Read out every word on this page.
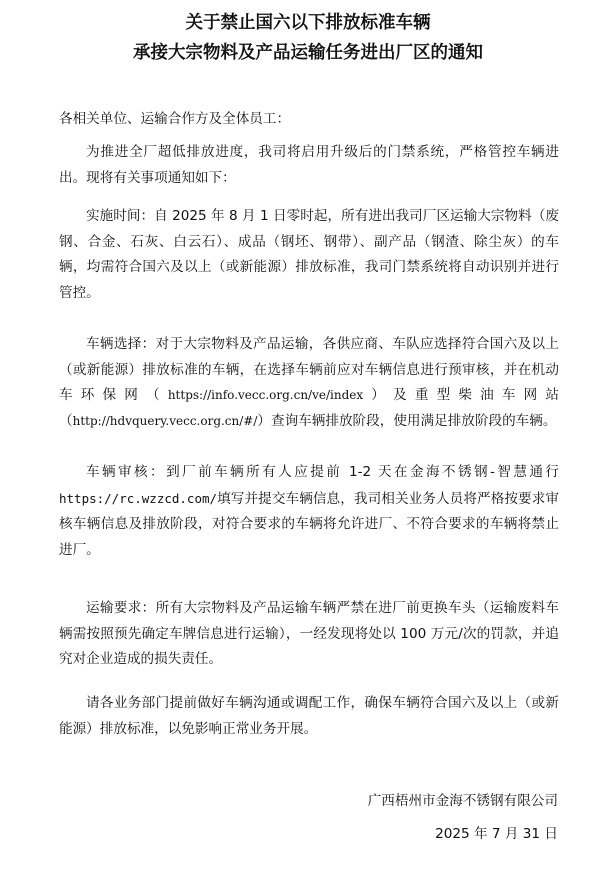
关于禁止国六以下排放标准车辆
承接大宗物料及产品运输任务进出厂区的通知
各相关单位、运输合作方及全体员工：
为推进全厂超低排放进度，我司将启用升级后的门禁系统，严格管控车辆进出。现将有关事项通知如下：
实施时间：自 2025 年 8 月 1 日零时起，所有进出我司厂区运输大宗物料（废钢、合金、石灰、白云石）、成品（钢坯、钢带）、副产品（钢渣、除尘灰）的车辆，均需符合国六及以上（或新能源）排放标准，我司门禁系统将自动识别并进行管控。
车辆选择：对于大宗物料及产品运输，各供应商、车队应选择符合国六及以上（或新能源）排放标准的车辆，在选择车辆前应对车辆信息进行预审核，并在机动车环保网（https://info.vecc.org.cn/ve/index）及重型柴油车网站（http://hdvquery.vecc.org.cn/#/）查询车辆排放阶段，使用满足排放阶段的车辆。
车辆审核：到厂前车辆所有人应提前 1-2 天在金海不锈钢-智慧通行https://rc.wzzcd.com/填写并提交车辆信息，我司相关业务人员将严格按要求审核车辆信息及排放阶段，对符合要求的车辆将允许进厂、不符合要求的车辆将禁止进厂。
运输要求：所有大宗物料及产品运输车辆严禁在进厂前更换车头（运输废料车辆需按照预先确定车牌信息进行运输），一经发现将处以 100 万元/次的罚款，并追究对企业造成的损失责任。
请各业务部门提前做好车辆沟通或调配工作，确保车辆符合国六及以上（或新能源）排放标准，以免影响正常业务开展。
广西梧州市金海不锈钢有限公司
2025 年 7 月 31 日
